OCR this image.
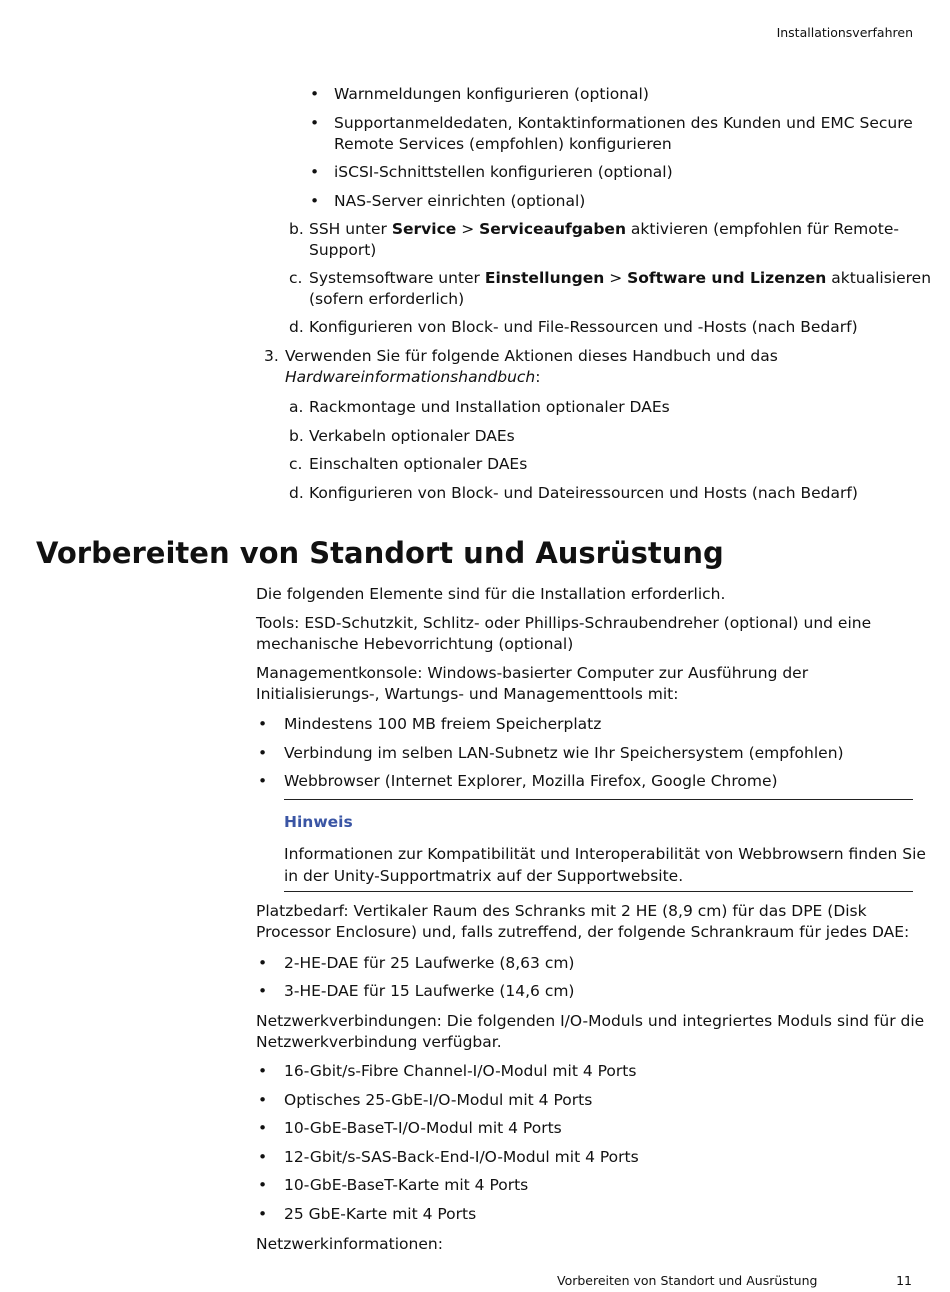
Installationsverfahren
• Warnmeldungen konfigurieren (optional)
• Supportanmeldedaten, Kontaktinformationen des Kunden und EMC Secure
Remote Services (empfohlen) konfigurieren
• iSCSI-Schnittstellen konfigurieren (optional)
• NAS-Server einrichten (optional)
b. SSH unter Service > Serviceaufgaben aktivieren (empfohlen für Remote-
Support)
c. Systemsoftware unter Einstellungen > Software und Lizenzen aktualisieren
(sofern erforderlich)
d. Konfigurieren von Block- und File-Ressourcen und -Hosts (nach Bedarf)
3. Verwenden Sie für folgende Aktionen dieses Handbuch und das
Hardwareinformationshandbuch:
a. Rackmontage und Installation optionaler DAEs
b. Verkabeln optionaler DAEs
c. Einschalten optionaler DAEs
d. Konfigurieren von Block- und Dateiressourcen und Hosts (nach Bedarf)
Vorbereiten von Standort und Ausrüstung
Die folgenden Elemente sind für die Installation erforderlich.
Tools: ESD-Schutzkit, Schlitz- oder Phillips-Schraubendreher (optional) und eine
mechanische Hebevorrichtung (optional)
Managementkonsole: Windows-basierter Computer zur Ausführung der
Initialisierungs-, Wartungs- und Managementtools mit:
• Mindestens 100 MB freiem Speicherplatz
• Verbindung im selben LAN-Subnetz wie Ihr Speichersystem (empfohlen)
• Webbrowser (Internet Explorer, Mozilla Firefox, Google Chrome)
Hinweis
Informationen zur Kompatibilität und Interoperabilität von Webbrowsern finden Sie
in der Unity-Supportmatrix auf der Supportwebsite.
Platzbedarf: Vertikaler Raum des Schranks mit 2 HE (8,9 cm) für das DPE (Disk
Processor Enclosure) und, falls zutreffend, der folgende Schrankraum für jedes DAE:
• 2-HE-DAE für 25 Laufwerke (8,63 cm)
• 3-HE-DAE für 15 Laufwerke (14,6 cm)
Netzwerkverbindungen: Die folgenden I/O-Moduls und integriertes Moduls sind für die
Netzwerkverbindung verfügbar.
• 16-Gbit/s-Fibre Channel-I/O-Modul mit 4 Ports
• Optisches 25-GbE-I/O-Modul mit 4 Ports
• 10-GbE-BaseT-I/O-Modul mit 4 Ports
• 12-Gbit/s-SAS-Back-End-I/O-Modul mit 4 Ports
• 10-GbE-BaseT-Karte mit 4 Ports
• 25 GbE-Karte mit 4 Ports
Netzwerkinformationen:
Vorbereiten von Standort und Ausrüstung	11
